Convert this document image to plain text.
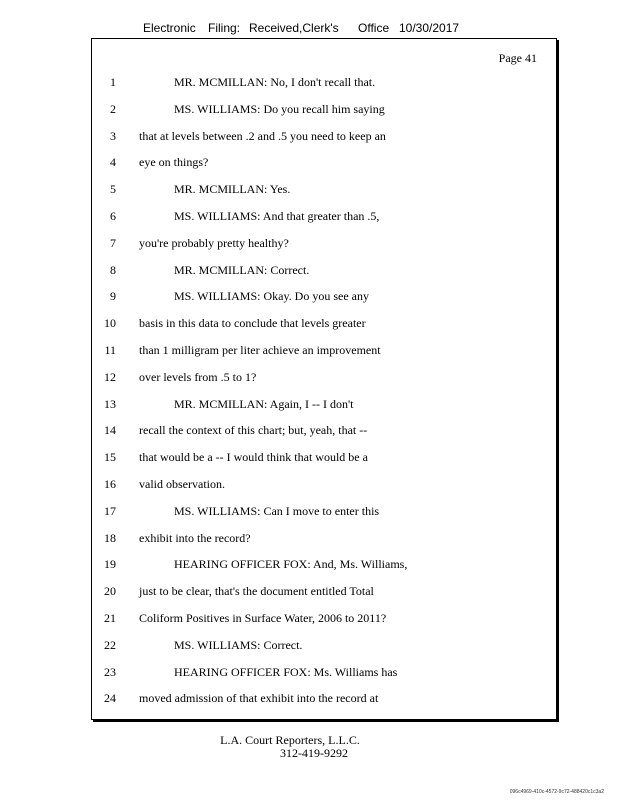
Electronic Filing: Received,Clerk's Office 10/30/2017
Page 41
1	MR. MCMILLAN: No, I don't recall that.
2	MS. WILLIAMS: Do you recall him saying
3 that at levels between .2 and .5 you need to keep an
4 eye on things?
5	MR. MCMILLAN: Yes.
6	MS. WILLIAMS: And that greater than .5,
7 you're probably pretty healthy?
8	MR. MCMILLAN: Correct.
9	MS. WILLIAMS: Okay. Do you see any
10 basis in this data to conclude that levels greater
11 than 1 milligram per liter achieve an improvement
12 over levels from .5 to 1?
13	MR. MCMILLAN: Again, I -- I don't
14 recall the context of this chart; but, yeah, that --
15 that would be a -- I would think that would be a
16 valid observation.
17	MS. WILLIAMS: Can I move to enter this
18 exhibit into the record?
19	HEARING OFFICER FOX: And, Ms. Williams,
20 just to be clear, that's the document entitled Total
21 Coliform Positives in Surface Water, 2006 to 2011?
22	MS. WILLIAMS: Correct.
23	HEARING OFFICER FOX: Ms. Williams has
24 moved admission of that exhibit into the record at
L.A. Court Reporters, L.L.C.
312-419-9292
096c4969-410c-4572-9c72-488420c1c3a2
